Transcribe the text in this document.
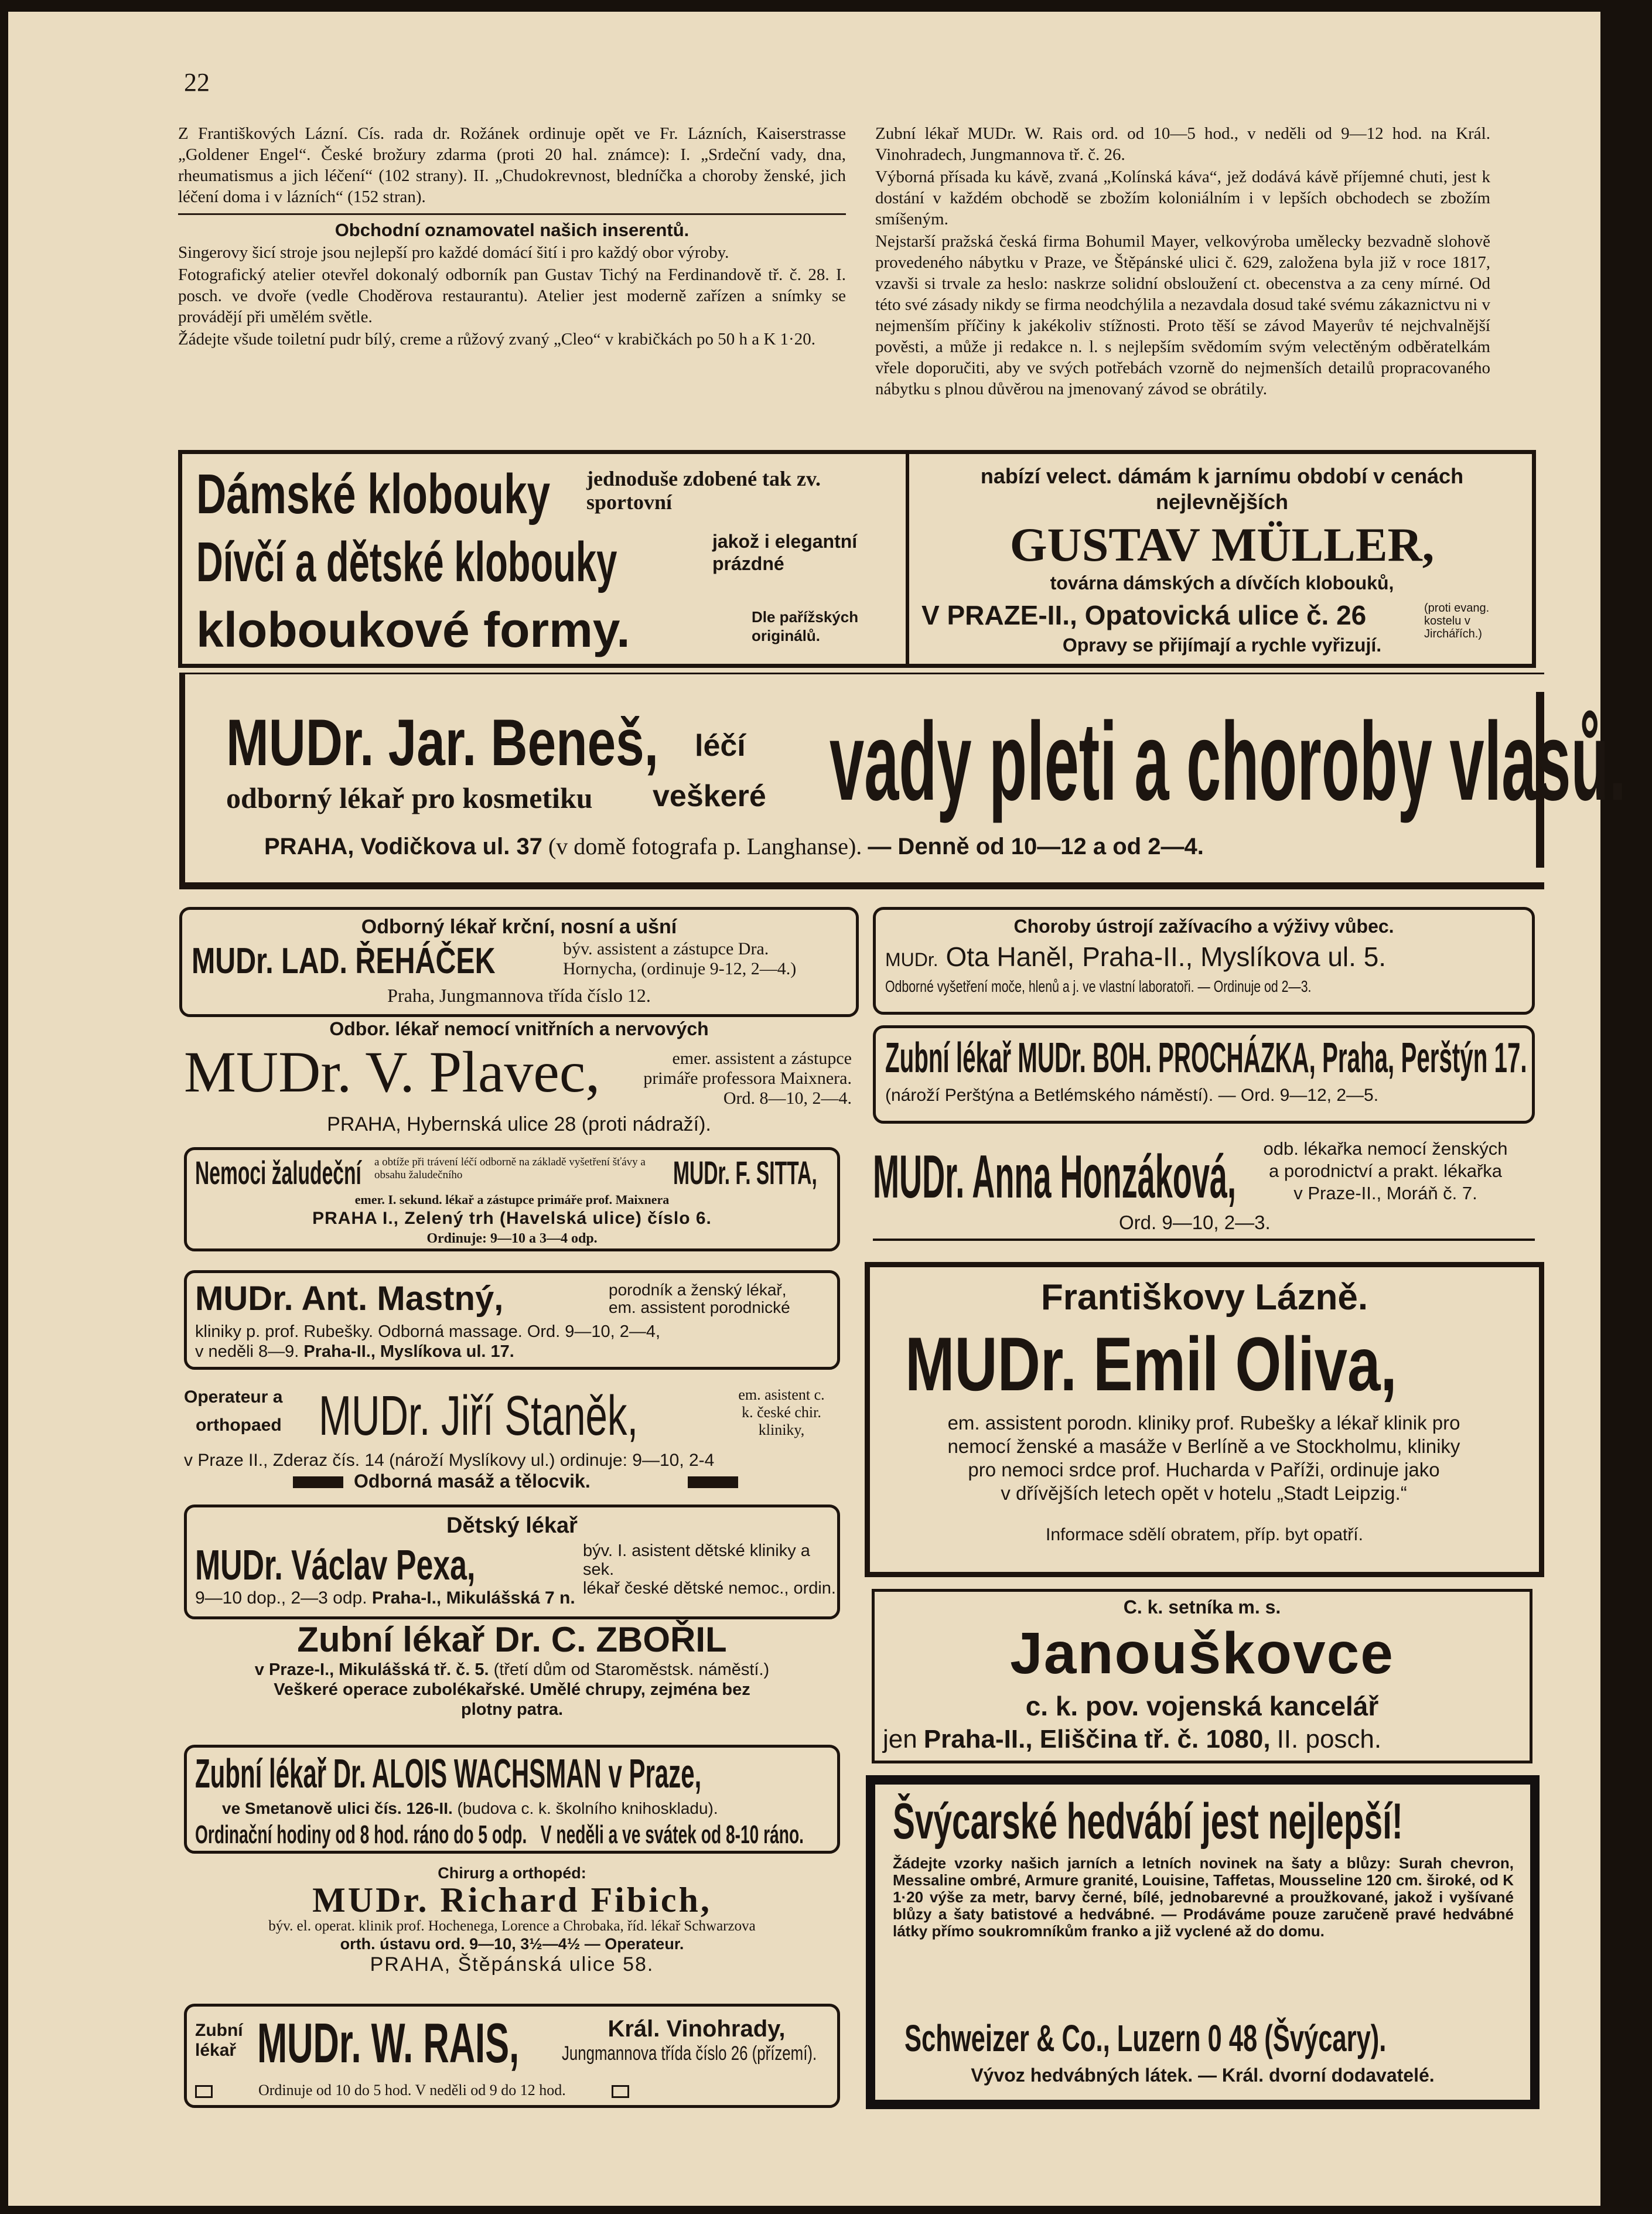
22

Z Františkových Lázní. Cís. rada dr. Rožánek ordinuje opět ve Fr. Lázních, Kaiserstrasse „Goldener Engel“. České brožury zdarma (proti 20 hal. známce): I. „Srdeční vady, dna, rheumatismus a jich léčení“ (102 strany). II. „Chudokrevnost, bledníčka a choroby ženské, jich léčení doma i v lázních“ (152 stran).

Obchodní oznamovatel našich inserentů.

Singerovy šicí stroje jsou nejlepší pro každé domácí šití i pro každý obor výroby.

Fotografický atelier otevřel dokonalý odborník pan Gustav Tichý na Ferdinandově tř. č. 28. I. posch. ve dvoře (vedle Choděrova restaurantu). Atelier jest moderně zařízen a snímky se provádějí při umělém světle.

Žádejte všude toiletní pudr bílý, creme a růžový zvaný „Cleo“ v krabičkách po 50 h a K 1·20.

Zubní lékař MUDr. W. Rais ord. od 10—5 hod., v neděli od 9—12 hod. na Král. Vinohradech, Jungmannova tř. č. 26.

Výborná přísada ku kávě, zvaná „Kolínská káva“, jež dodává kávě příjemné chuti, jest k dostání v každém obchodě se zbožím koloniálním i v lepších obchodech se zbožím smíšeným.

Nejstarší pražská česká firma Bohumil Mayer, velkovýroba umělecky bezvadně slohově provedeného nábytku v Praze, ve Štěpánské ulici č. 629, založena byla již v roce 1817, vzavši si trvale za heslo: naskrze solidní obsloužení ct. obecenstva a za ceny mírné. Od této své zásady nikdy se firma neodchýlila a nezavdala dosud také svému zákaznictvu ni v nejmenším příčiny k jakékoliv stížnosti. Proto těší se závod Mayerův té nejchvalnější pověsti, a může ji redakce n. l. s nejlepším svědomím svým velectěným odběratelkám vřele doporučiti, aby ve svých potřebách vzorně do nejmenších detailů propracovaného nábytku s plnou důvěrou na jmenovaný závod se obrátily.

Dámské klobouky	jednoduše zdobené tak zv. sportovní
Dívčí a dětské klobouky	jakož i elegantní prázdné
kloboukové formy.	Dle pařížských originálů.
nabízí velect. dámám k jarnímu období v cenách nejlevnějších
GUSTAV MÜLLER,
továrna dámských a dívčích klobouků,
V PRAZE-II., Opatovická ulice č. 26	(proti evang. kostelu v Jirchářích.)
Opravy se přijímají a rychle vyřizují.
MUDr. Jar. Beneš,
odborný lékař pro kosmetiku
léčí
veškeré vady pleti a choroby vlasů.
PRAHA, Vodičkova ul. 37 (v domě fotografa p. Langhanse). — Denně od 10—12 a od 2—4.
Odborný lékař krční, nosní a ušní
MUDr. LAD. ŘEHÁČEK	býv. assistent a zástupce Dra. Hornycha, (ordinuje 9-12, 2—4.)
Praha, Jungmannova třída číslo 12.
Odbor. lékař nemocí vnitřních a nervových
MUDr. V. Plavec,	emer. assistent a zástupce
primáře professora Maixnera.
Ord. 8—10, 2—4.
PRAHA, Hybernská ulice 28 (proti nádraží).
Nemoci žaludeční	a obtíže při trávení léčí odborně na základě vyšetření šťávy a obsahu žaludečního	MUDr. F. SITTA,
emer. I. sekund. lékař a zástupce primáře prof. Maixnera
PRAHA I., Zelený trh (Havelská ulice) číslo 6.
Ordinuje: 9—10 a 3—4 odp.
MUDr. Ant. Mastný,	porodník a ženský lékař,
em. assistent porodnické
kliniky p. prof. Rubešky. Odborná massage. Ord. 9—10, 2—4,
v neděli 8—9. Praha-II., Myslíkova ul. 17.
Operateur a
orthopaed MUDr. Jiří Staněk,	em. asistent c.
k. české chir.
kliniky,
v Praze II., Zderaz čís. 14 (nároží Myslíkovy ul.) ordinuje: 9—10, 2-4
Odborná masáž a tělocvik.
Dětský lékař
MUDr. Václav Pexa,	býv. I. asistent dětské kliniky a sek.
lékař české dětské nemoc., ordin.
9—10 dop., 2—3 odp. Praha-I., Mikulášská 7 n.
Zubní lékař Dr. C. ZBOŘIL
v Praze-I., Mikulášská tř. č. 5. (třetí dům od Staroměstsk. náměstí.)
Veškeré operace zubolékařské. Umělé chrupy, zejména bez
plotny patra.
Zubní lékař Dr. ALOIS WACHSMAN v Praze,
ve Smetanově ulici čís. 126-II. (budova c. k. školního knihoskladu).
Ordinační hodiny od 8 hod. ráno do 5 odp. V neděli a ve svátek od 8-10 ráno.
Chirurg a orthopéd:
MUDr. Richard Fibich,
býv. el. operat. klinik prof. Hochenega, Lorence a Chrobaka, říd. lékař Schwarzova
orth. ústavu ord. 9—10, 3½—4½ — Operateur.
PRAHA, Štěpánská ulice 58.
Zubní
lékař MUDr. W. RAIS,	Král. Vinohrady,
Jungmannova třída číslo 26 (přízemí).
Ordinuje od 10 do 5 hod. V neděli od 9 do 12 hod.
Choroby ústrojí zažívacího a výživy vůbec.
MUDr. Ota Haněl, Praha-II., Myslíkova ul. 5.
Odborné vyšetření moče, hlenů a j. ve vlastní laboratoři. — Ordinuje od 2—3.
Zubní lékař MUDr. BOH. PROCHÁZKA, Praha, Perštýn 17.
(nároží Perštýna a Betlémského náměstí). — Ord. 9—12, 2—5.
MUDr. Anna Honzáková,	odb. lékařka nemocí ženských
a porodnictví a prakt. lékařka
v Praze-II., Moráň č. 7.
Ord. 9—10, 2—3.
Františkovy Lázně.
MUDr. Emil Oliva,
em. assistent porodn. kliniky prof. Rubešky a lékař klinik pro
nemocí ženské a masáže v Berlíně a ve Stockholmu, kliniky
pro nemoci srdce prof. Hucharda v Paříži, ordinuje jako
v dřívějších letech opět v hotelu „Stadt Leipzig.“
Informace sdělí obratem, příp. byt opatří.
C. k. setníka m. s.
Janouškovce
c. k. pov. vojenská kancelář
jen Praha-II., Eliščina tř. č. 1080, II. posch.
Švýcarské hedvábí jest nejlepší!
Žádejte vzorky našich jarních a letních novinek na šaty a blůzy: Surah chevron, Messaline ombré, Armure granité, Louisine, Taffetas, Mousseline 120 cm. široké, od K 1·20 výše za metr, barvy černé, bílé, jednobarevné a proužkované, jakož i vyšívané blůzy a šaty batistové a hedvábné. — Prodáváme pouze zaručeně pravé hedvábné látky přímo soukromníkům franko a již vyclené až do domu.
Schweizer & Co., Luzern 0 48 (Švýcary).
Vývoz hedvábných látek. — Král. dvorní dodavatelé.
